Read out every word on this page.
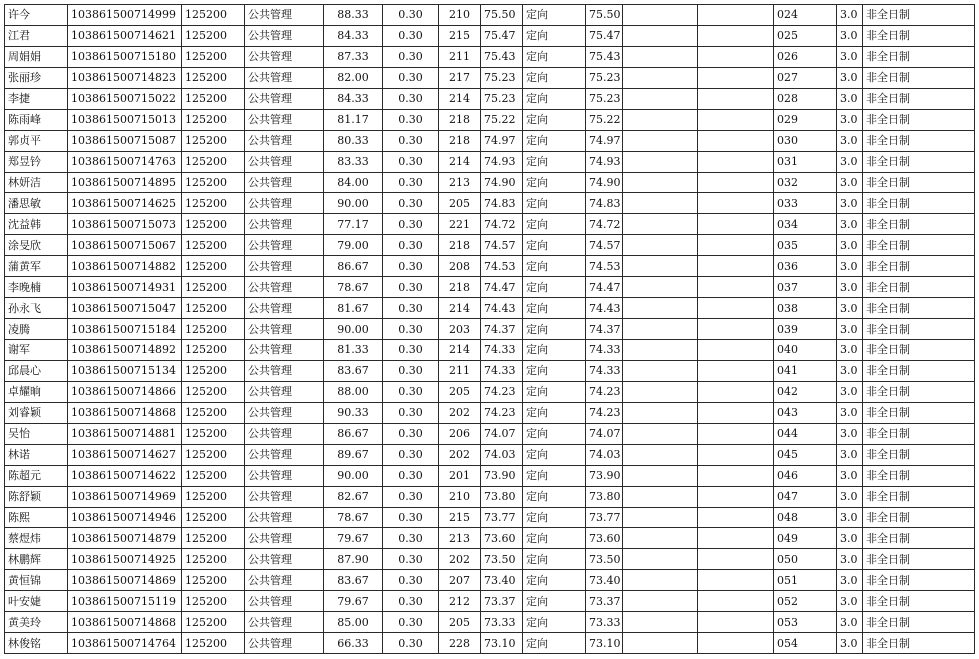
许今	103861500714999	125200	公共管理	88.33	0.30	210	75.50	定向	75.50			024	3.0	非全日制
江君	103861500714621	125200	公共管理	84.33	0.30	215	75.47	定向	75.47			025	3.0	非全日制
周娟娟	103861500715180	125200	公共管理	87.33	0.30	211	75.43	定向	75.43			026	3.0	非全日制
张丽珍	103861500714823	125200	公共管理	82.00	0.30	217	75.23	定向	75.23			027	3.0	非全日制
李捷	103861500715022	125200	公共管理	84.33	0.30	214	75.23	定向	75.23			028	3.0	非全日制
陈雨峰	103861500715013	125200	公共管理	81.17	0.30	218	75.22	定向	75.22			029	3.0	非全日制
郭贞平	103861500715087	125200	公共管理	80.33	0.30	218	74.97	定向	74.97			030	3.0	非全日制
郑昱钤	103861500714763	125200	公共管理	83.33	0.30	214	74.93	定向	74.93			031	3.0	非全日制
林妍洁	103861500714895	125200	公共管理	84.00	0.30	213	74.90	定向	74.90			032	3.0	非全日制
潘思敏	103861500714625	125200	公共管理	90.00	0.30	205	74.83	定向	74.83			033	3.0	非全日制
沈益韩	103861500715073	125200	公共管理	77.17	0.30	221	74.72	定向	74.72			034	3.0	非全日制
涂旻欣	103861500715067	125200	公共管理	79.00	0.30	218	74.57	定向	74.57			035	3.0	非全日制
蒲黄军	103861500714882	125200	公共管理	86.67	0.30	208	74.53	定向	74.53			036	3.0	非全日制
李晚楠	103861500714931	125200	公共管理	78.67	0.30	218	74.47	定向	74.47			037	3.0	非全日制
孙永飞	103861500715047	125200	公共管理	81.67	0.30	214	74.43	定向	74.43			038	3.0	非全日制
凌腾	103861500715184	125200	公共管理	90.00	0.30	203	74.37	定向	74.37			039	3.0	非全日制
谢军	103861500714892	125200	公共管理	81.33	0.30	214	74.33	定向	74.33			040	3.0	非全日制
邱晨心	103861500715134	125200	公共管理	83.67	0.30	211	74.33	定向	74.33			041	3.0	非全日制
卓耀晌	103861500714866	125200	公共管理	88.00	0.30	205	74.23	定向	74.23			042	3.0	非全日制
刘睿颖	103861500714868	125200	公共管理	90.33	0.30	202	74.23	定向	74.23			043	3.0	非全日制
吴怡	103861500714881	125200	公共管理	86.67	0.30	206	74.07	定向	74.07			044	3.0	非全日制
林诺	103861500714627	125200	公共管理	89.67	0.30	202	74.03	定向	74.03			045	3.0	非全日制
陈超元	103861500714622	125200	公共管理	90.00	0.30	201	73.90	定向	73.90			046	3.0	非全日制
陈舒颖	103861500714969	125200	公共管理	82.67	0.30	210	73.80	定向	73.80			047	3.0	非全日制
陈熙	103861500714946	125200	公共管理	78.67	0.30	215	73.77	定向	73.77			048	3.0	非全日制
蔡煜炜	103861500714879	125200	公共管理	79.67	0.30	213	73.60	定向	73.60			049	3.0	非全日制
林鹏辉	103861500714925	125200	公共管理	87.90	0.30	202	73.50	定向	73.50			050	3.0	非全日制
黄恒锦	103861500714869	125200	公共管理	83.67	0.30	207	73.40	定向	73.40			051	3.0	非全日制
叶安婕	103861500715119	125200	公共管理	79.67	0.30	212	73.37	定向	73.37			052	3.0	非全日制
黄美玲	103861500714868	125200	公共管理	85.00	0.30	205	73.33	定向	73.33			053	3.0	非全日制
林俊铭	103861500714764	125200	公共管理	66.33	0.30	228	73.10	定向	73.10			054	3.0	非全日制
